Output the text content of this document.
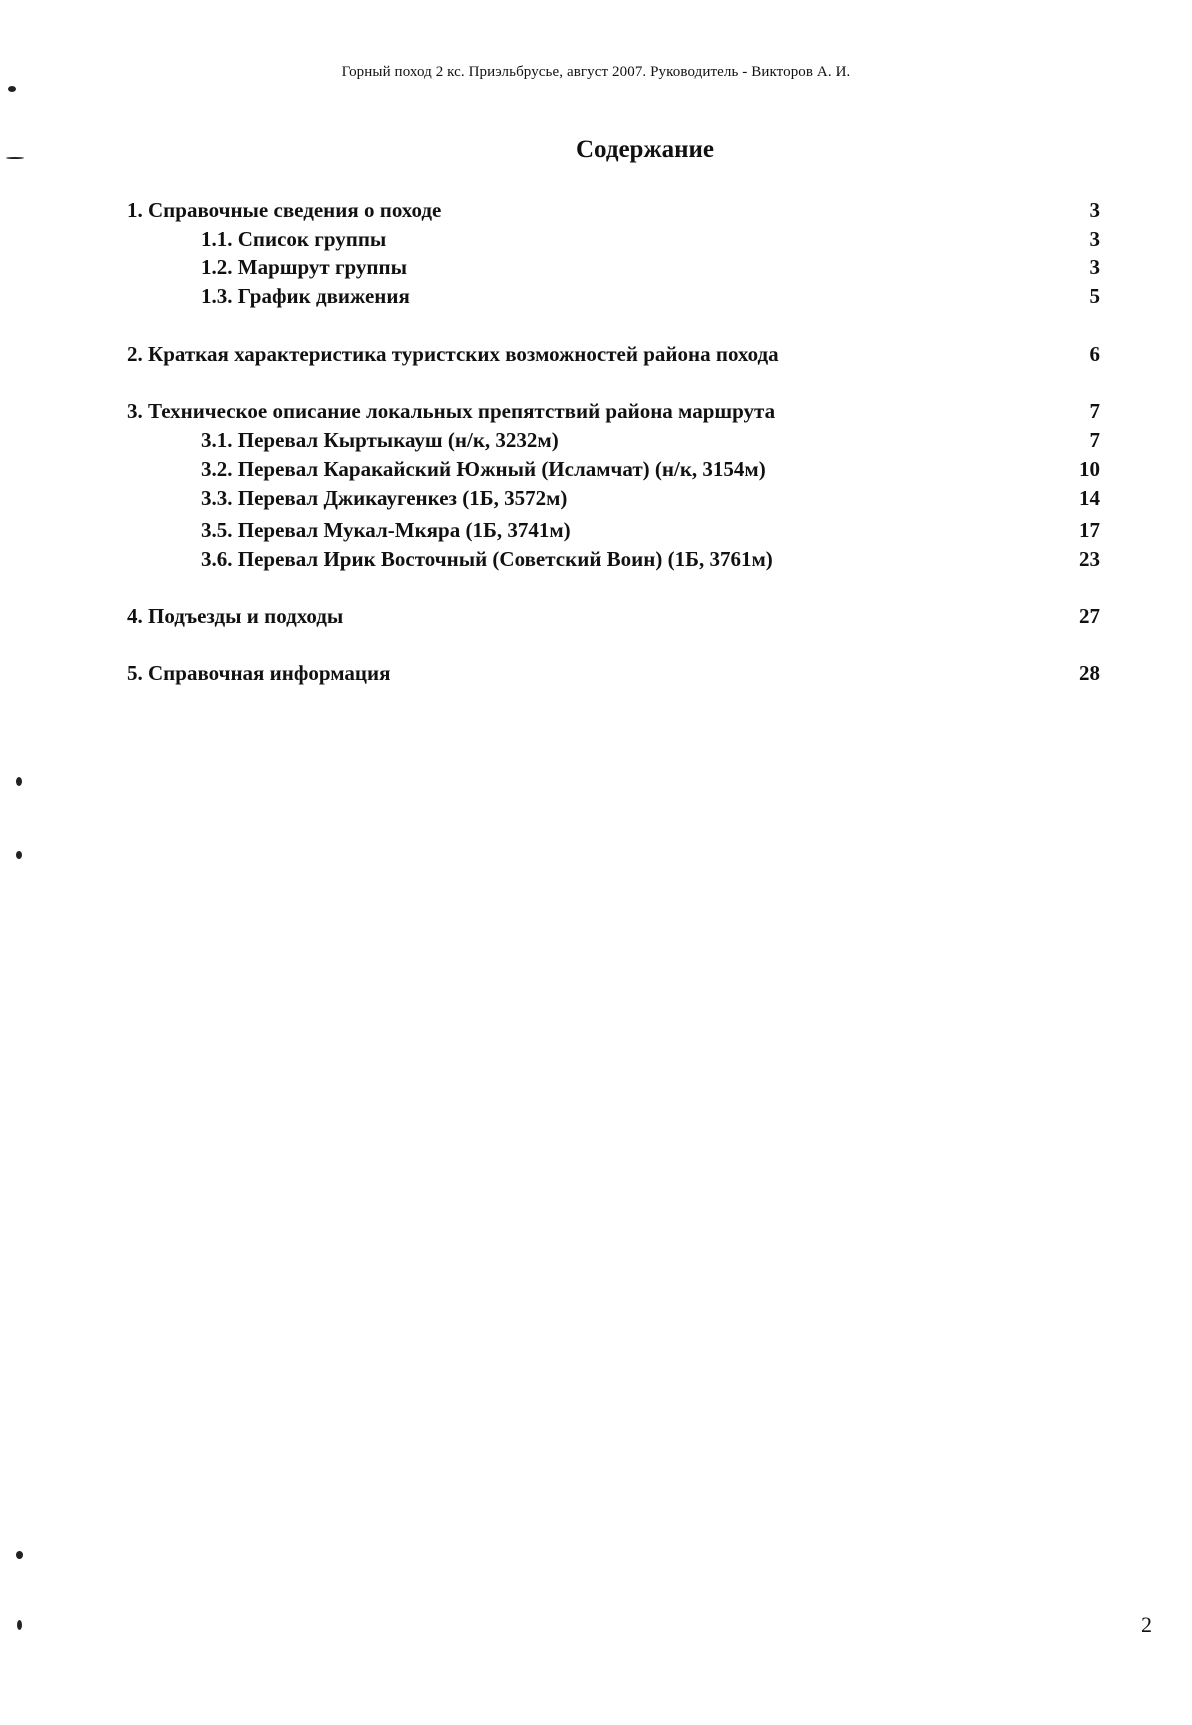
Горный поход 2 кс. Приэльбрусье, август 2007. Руководитель - Викторов А. И.
Содержание
1. Справочные сведения о походе	3
1.1. Список группы	3
1.2. Маршрут группы	3
1.3. График движения	5
2. Краткая характеристика туристских возможностей района похода	6
3. Техническое описание локальных препятствий района маршрута	7
3.1. Перевал Кыртыкауш (н/к, 3232м)	7
3.2. Перевал Каракайский Южный (Исламчат) (н/к, 3154м)	10
3.3. Перевал Джикаугенкез (1Б, 3572м)	14
3.5. Перевал Мукал-Мкяра (1Б, 3741м)	17
3.6. Перевал Ирик Восточный (Советский Воин) (1Б, 3761м)	23
4. Подъезды и подходы	27
5. Справочная информация	28
2
